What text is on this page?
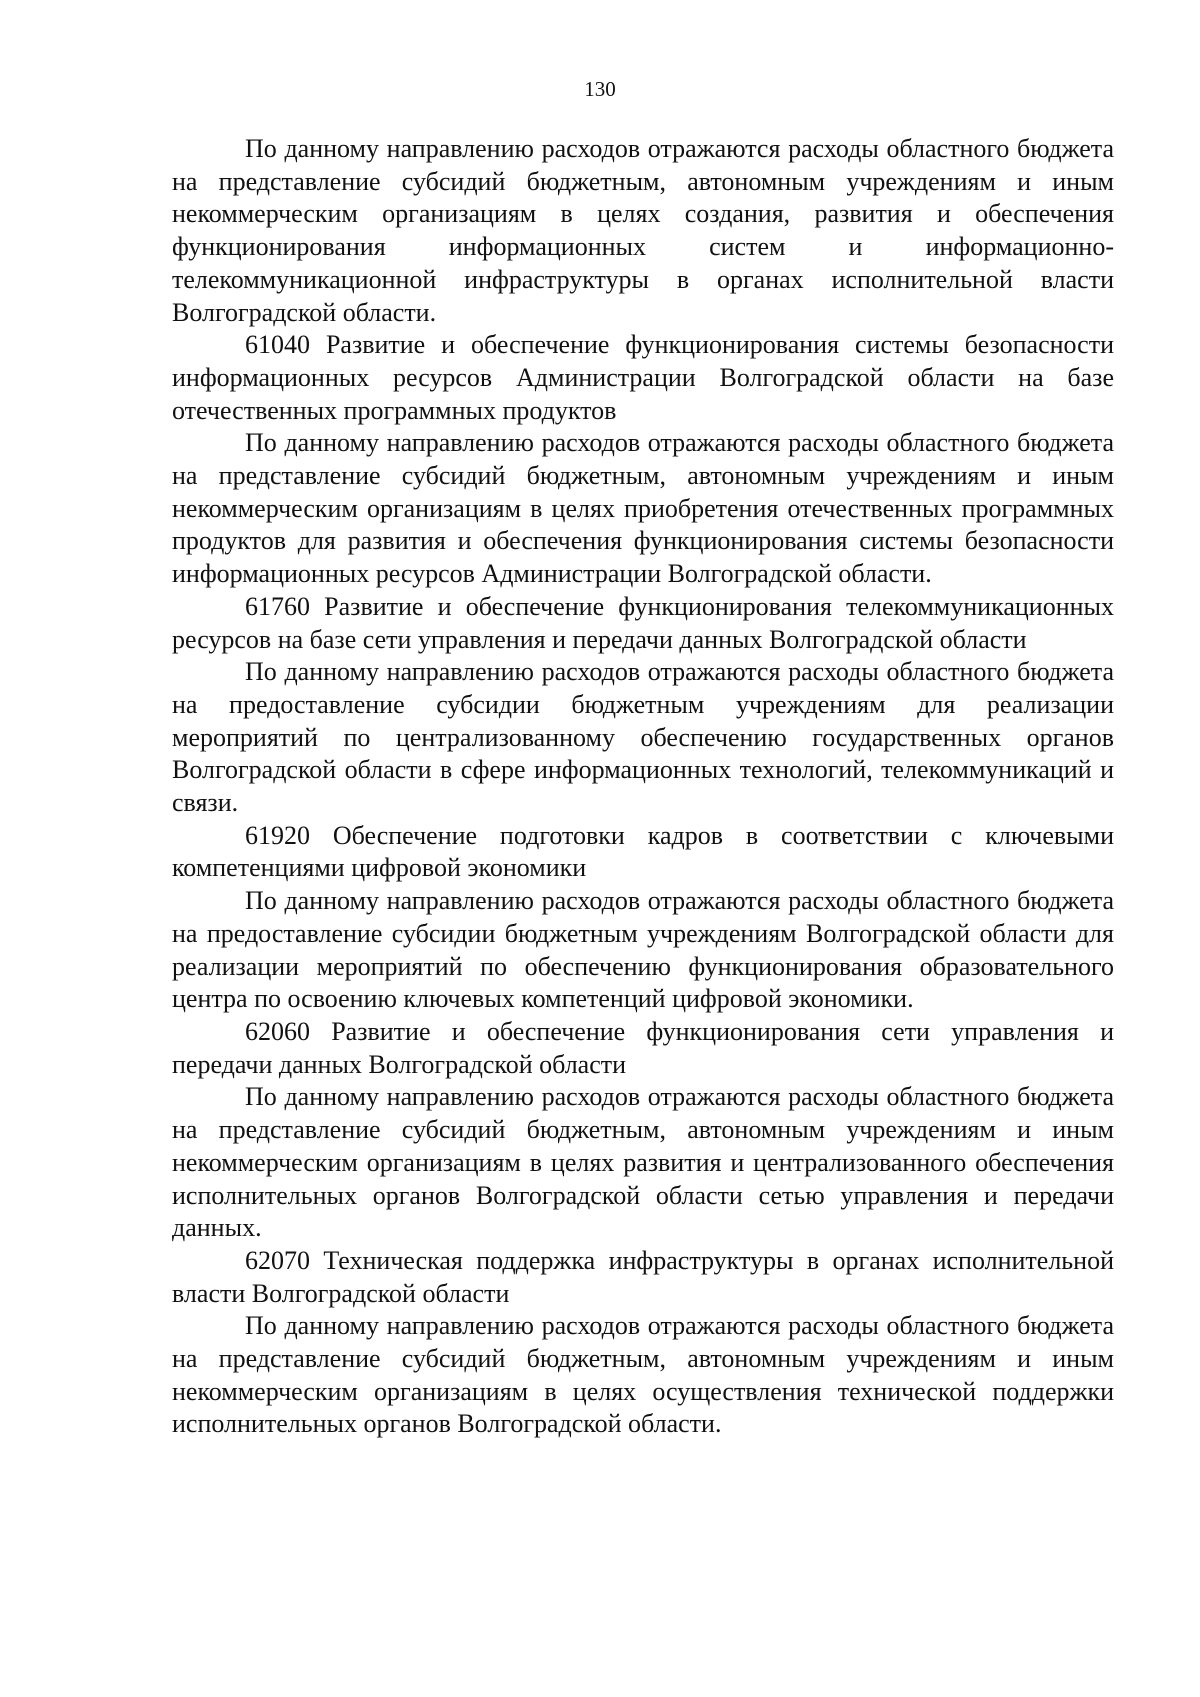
130

По данному направлению расходов отражаются расходы областного бюджета на представление субсидий бюджетным, автономным учреждениям и иным некоммерческим организациям в целях создания, развития и обеспечения функционирования информационных систем и информационно-телекоммуникационной инфраструктуры в органах исполнительной власти Волгоградской области.

61040 Развитие и обеспечение функционирования системы безопасности информационных ресурсов Администрации Волгоградской области на базе отечественных программных продуктов

По данному направлению расходов отражаются расходы областного бюджета на представление субсидий бюджетным, автономным учреждениям и иным некоммерческим организациям в целях приобретения отечественных программных продуктов для развития и обеспечения функционирования системы безопасности информационных ресурсов Администрации Волгоградской области.

61760 Развитие и обеспечение функционирования телекоммуникационных ресурсов на базе сети управления и передачи данных Волгоградской области

По данному направлению расходов отражаются расходы областного бюджета на предоставление субсидии бюджетным учреждениям для реализации мероприятий по централизованному обеспечению государственных органов Волгоградской области в сфере информационных технологий, телекоммуникаций и связи.

61920 Обеспечение подготовки кадров в соответствии с ключевыми компетенциями цифровой экономики

По данному направлению расходов отражаются расходы областного бюджета на предоставление субсидии бюджетным учреждениям Волгоградской области для реализации мероприятий по обеспечению функционирования образовательного центра по освоению ключевых компетенций цифровой экономики.

62060 Развитие и обеспечение функционирования сети управления и передачи данных Волгоградской области

По данному направлению расходов отражаются расходы областного бюджета на представление субсидий бюджетным, автономным учреждениям и иным некоммерческим организациям в целях развития и централизованного обеспечения исполнительных органов Волгоградской области сетью управления и передачи данных.

62070 Техническая поддержка инфраструктуры в органах исполнительной власти Волгоградской области

По данному направлению расходов отражаются расходы областного бюджета на представление субсидий бюджетным, автономным учреждениям и иным некоммерческим организациям в целях осуществления технической поддержки исполнительных органов Волгоградской области.
